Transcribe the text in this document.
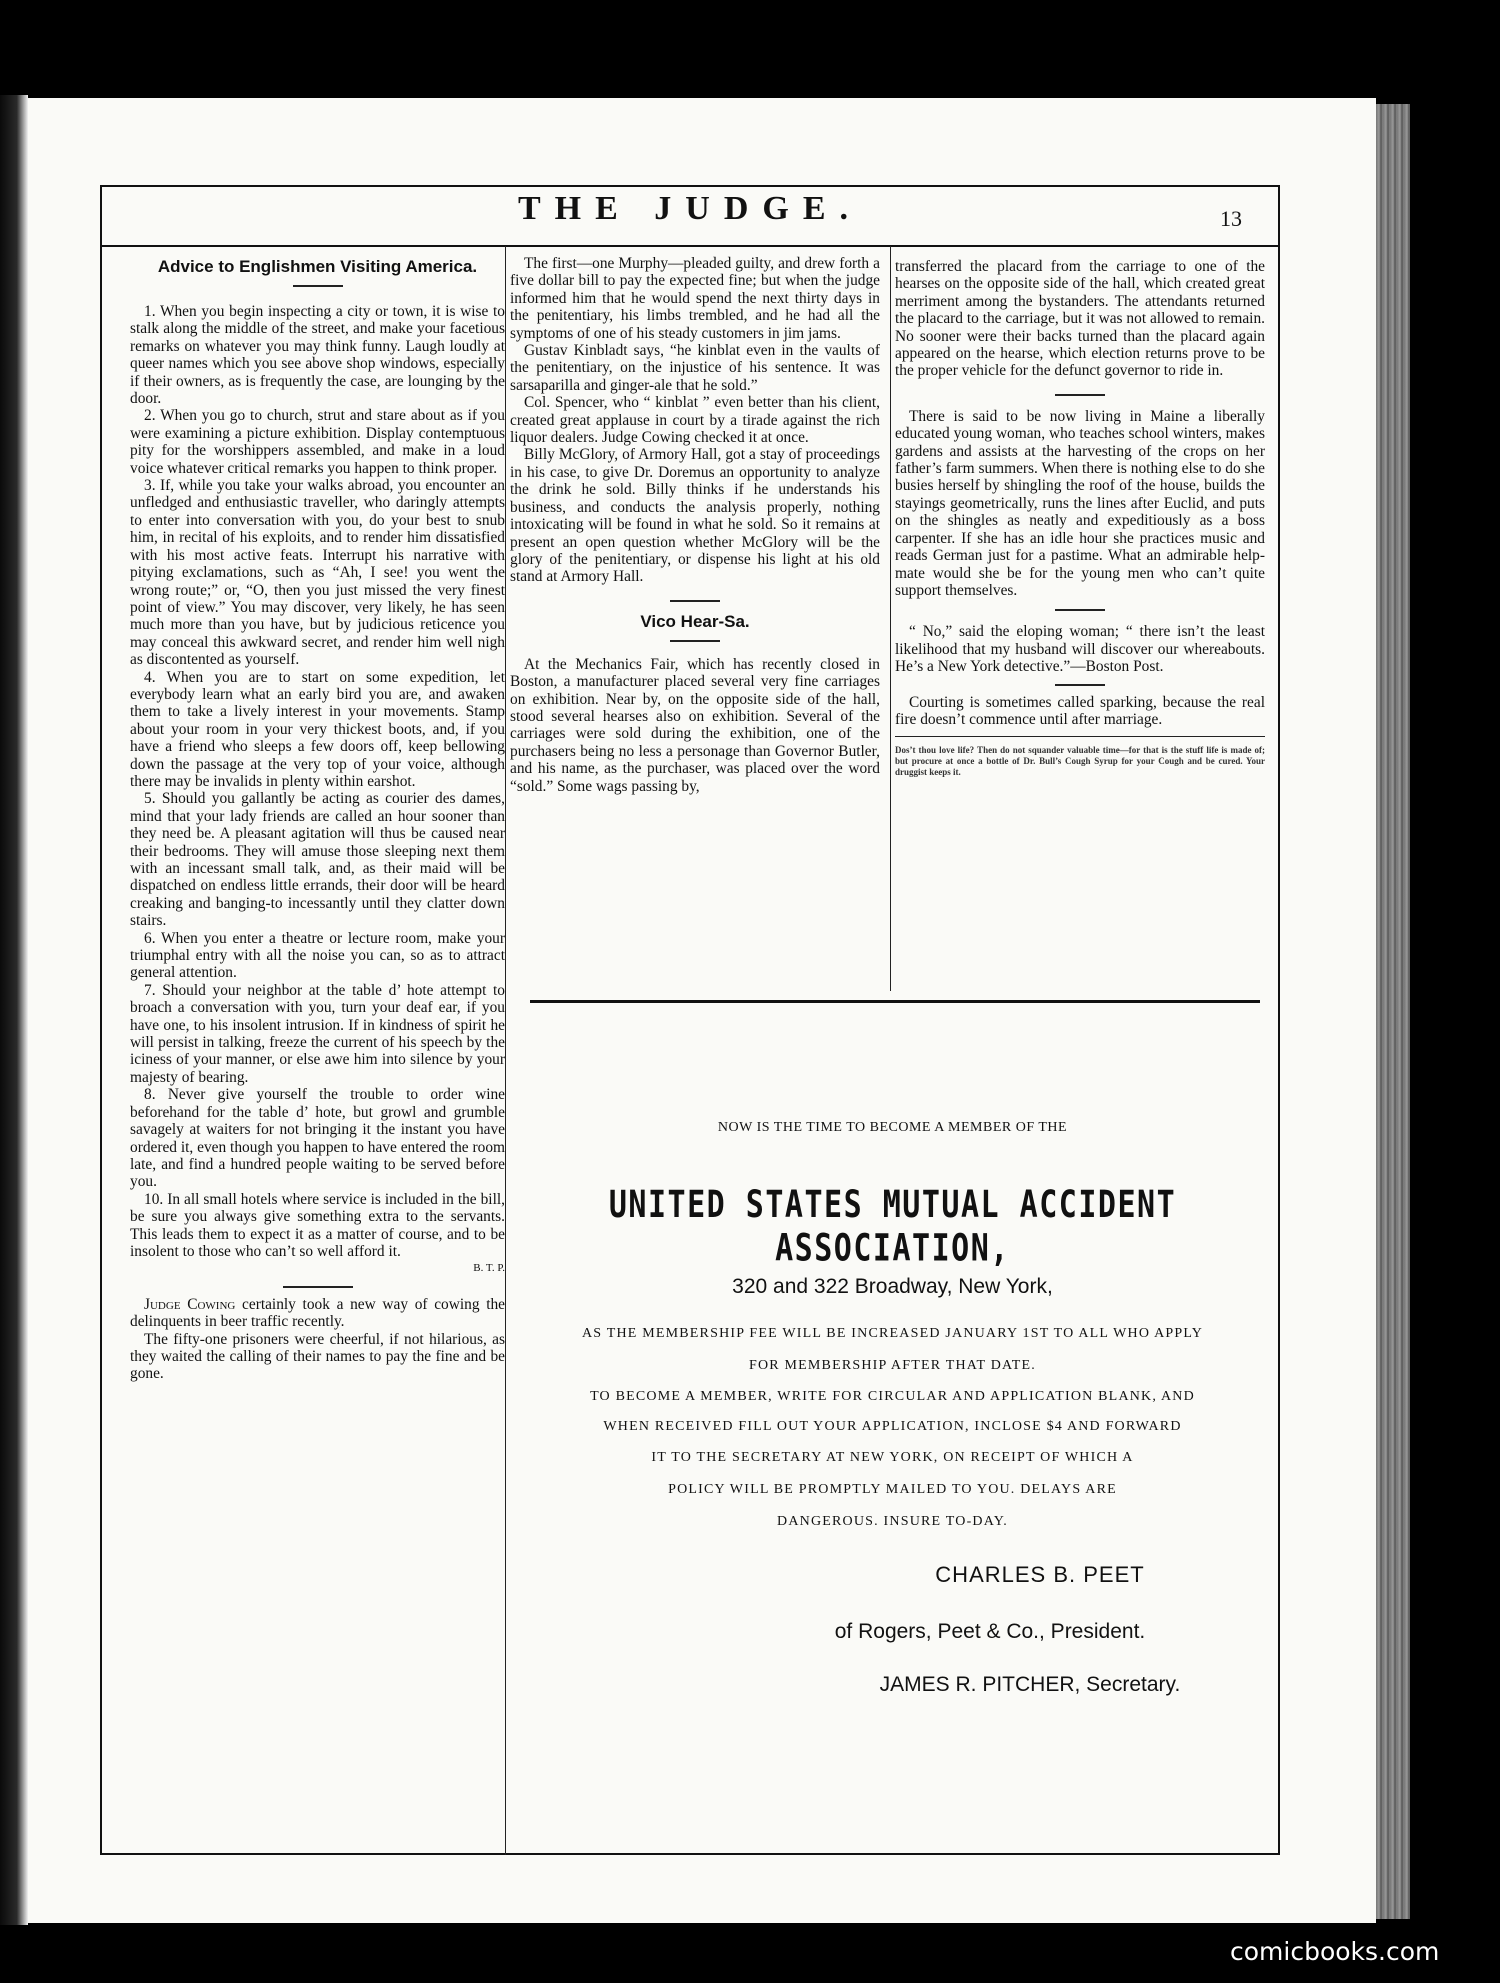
THE JUDGE.	13
Advice to Englishmen Visiting America.

1. When you begin inspecting a city or town, it is wise to stalk along the middle of the street, and make your facetious remarks on whatever you may think funny. Laugh loudly at queer names which you see above shop windows, especially if their owners, as is frequently the case, are lounging by the door.

2. When you go to church, strut and stare about as if you were examining a picture exhibition. Display contemptuous pity for the worshippers assembled, and make in a loud voice whatever critical remarks you happen to think proper.

3. If, while you take your walks abroad, you encounter an unfledged and enthusiastic traveller, who daringly attempts to enter into conversation with you, do your best to snub him, in recital of his exploits, and to render him dissatisfied with his most active feats. Interrupt his narrative with pitying exclamations, such as “Ah, I see! you went the wrong route;” or, “O, then you just missed the very finest point of view.” You may discover, very likely, he has seen much more than you have, but by judicious reticence you may conceal this awkward secret, and render him well nigh as discontented as yourself.

4. When you are to start on some expedition, let everybody learn what an early bird you are, and awaken them to take a lively interest in your movements. Stamp about your room in your very thickest boots, and, if you have a friend who sleeps a few doors off, keep bellowing down the passage at the very top of your voice, although there may be invalids in plenty within earshot.

5. Should you gallantly be acting as courier des dames, mind that your lady friends are called an hour sooner than they need be. A pleasant agitation will thus be caused near their bedrooms. They will amuse those sleeping next them with an incessant small talk, and, as their maid will be dispatched on endless little errands, their door will be heard creaking and banging-to incessantly until they clatter down stairs.

6. When you enter a theatre or lecture room, make your triumphal entry with all the noise you can, so as to attract general attention.

7. Should your neighbor at the table d’ hote attempt to broach a conversation with you, turn your deaf ear, if you have one, to his insolent intrusion. If in kindness of spirit he will persist in talking, freeze the current of his speech by the iciness of your manner, or else awe him into silence by your majesty of bearing.

8. Never give yourself the trouble to order wine beforehand for the table d’ hote, but growl and grumble savagely at waiters for not bringing it the instant you have ordered it, even though you happen to have entered the room late, and find a hundred people waiting to be served before you.

10. In all small hotels where service is included in the bill, be sure you always give something extra to the servants. This leads them to expect it as a matter of course, and to be insolent to those who can’t so well afford it.

B. T. P.

Judge Cowing certainly took a new way of cowing the delinquents in beer traffic recently.

The fifty-one prisoners were cheerful, if not hilarious, as they waited the calling of their names to pay the fine and be gone.

The first—one Murphy—pleaded guilty, and drew forth a five dollar bill to pay the expected fine; but when the judge informed him that he would spend the next thirty days in the penitentiary, his limbs trembled, and he had all the symptoms of one of his steady customers in jim jams.

Gustav Kinbladt says, “he kinblat even in the vaults of the penitentiary, on the injustice of his sentence. It was sarsaparilla and ginger-ale that he sold.”

Col. Spencer, who “ kinblat ” even better than his client, created great applause in court by a tirade against the rich liquor dealers. Judge Cowing checked it at once.

Billy McGlory, of Armory Hall, got a stay of proceedings in his case, to give Dr. Doremus an opportunity to analyze the drink he sold. Billy thinks if he understands his business, and conducts the analysis properly, nothing intoxicating will be found in what he sold. So it remains at present an open question whether McGlory will be the glory of the penitentiary, or dispense his light at his old stand at Armory Hall.

Vico Hear-Sa.

At the Mechanics Fair, which has recently closed in Boston, a manufacturer placed several very fine carriages on exhibition. Near by, on the opposite side of the hall, stood several hearses also on exhibition. Several of the carriages were sold during the exhibition, one of the purchasers being no less a personage than Governor Butler, and his name, as the purchaser, was placed over the word “sold.” Some wags passing by,

transferred the placard from the carriage to one of the hearses on the opposite side of the hall, which created great merriment among the bystanders. The attendants returned the placard to the carriage, but it was not allowed to remain. No sooner were their backs turned than the placard again appeared on the hearse, which election returns prove to be the proper vehicle for the defunct governor to ride in.

There is said to be now living in Maine a liberally educated young woman, who teaches school winters, makes gardens and assists at the harvesting of the crops on her father’s farm summers. When there is nothing else to do she busies herself by shingling the roof of the house, builds the stayings geometrically, runs the lines after Euclid, and puts on the shingles as neatly and expeditiously as a boss carpenter. If she has an idle hour she practices music and reads German just for a pastime. What an admirable help-mate would she be for the young men who can’t quite support themselves.

“ No,” said the eloping woman; “ there isn’t the least likelihood that my husband will discover our whereabouts. He’s a New York detective.”—Boston Post.

Courting is sometimes called sparking, because the real fire doesn’t commence until after marriage.

Dos’t thou love life? Then do not squander valuable time—for that is the stuff life is made of; but procure at once a bottle of Dr. Bull’s Cough Syrup for your Cough and be cured. Your druggist keeps it.
NOW IS THE TIME TO BECOME A MEMBER OF THE
UNITED STATES MUTUAL ACCIDENT ASSOCIATION,
320 and 322 Broadway, New York,
AS THE MEMBERSHIP FEE WILL BE INCREASED JANUARY 1ST TO ALL WHO APPLY
FOR MEMBERSHIP AFTER THAT DATE.
TO BECOME A MEMBER, WRITE FOR CIRCULAR AND APPLICATION BLANK, AND
WHEN RECEIVED FILL OUT YOUR APPLICATION, INCLOSE $4 AND FORWARD
IT TO THE SECRETARY AT NEW YORK, ON RECEIPT OF WHICH A
POLICY WILL BE PROMPTLY MAILED TO YOU. DELAYS ARE
DANGEROUS. INSURE TO-DAY.
CHARLES B. PEET
of Rogers, Peet & Co., President.
JAMES R. PITCHER, Secretary.
comicbooks.com
